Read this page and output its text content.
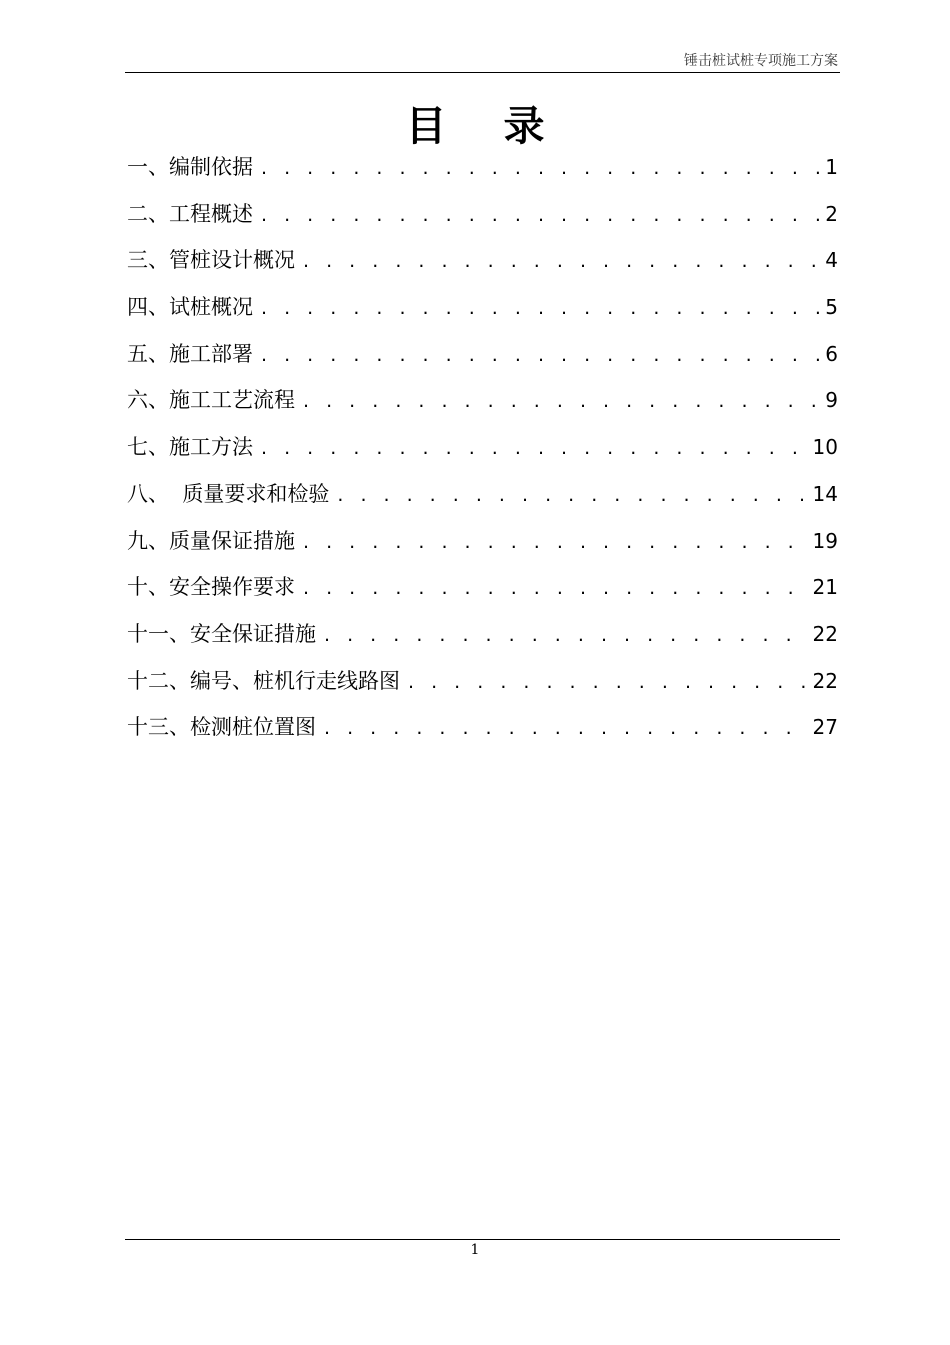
锤击桩试桩专项施工方案
目    录
一、编制依据 . . .	1
二、工程概述 . . .	2
三、管桩设计概况 . . .	4
四、试桩概况 . . .	5
五、施工部署 . . .	6
六、施工工艺流程 . . .	9
七、施工方法 . . .	10
八、  质量要求和检验 . . .	14
九、质量保证措施 . . .	19
十、安全操作要求 . . .	21
十一、安全保证措施 . . .	22
十二、编号、桩机行走线路图 . . .	22
十三、检测桩位置图 . . .	27
1
